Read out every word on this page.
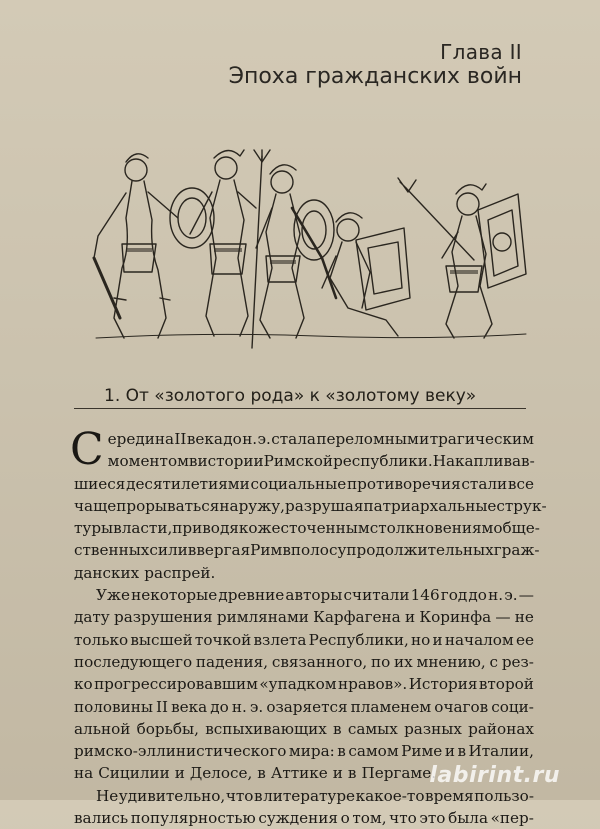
Глава II
Эпоха гражданских войн
1. От «золотого рода» к «золотому веку»
С ередина II века до н. э. стала переломным и трагическим
моментом в истории Римской республики. Накапливав-
шиеся десятилетиями социальные противоречия стали все
чаще прорываться наружу, разрушая патриархальные струк-
туры власти, приводя к ожесточенным столкновениям обще-
ственных сил и ввергая Рим в полосу продолжительных граж-
данских распрей.
Уже некоторые древние авторы считали 146 год до н. э. —
дату разрушения римлянами Карфагена и Коринфа — не
только высшей точкой взлета Республики, но и началом ее
последующего падения, связанного, по их мнению, с рез-
ко прогрессировавшим «упадком нравов». История второй
половины II века до н. э. озаряется пламенем очагов соци-
альной борьбы, вспыхивающих в самых разных районах
римско-эллинистического мира: в самом Риме и в Италии,
на Сицилии и Делосе, в Аттике и в Пергаме.
Не удивительно, что в литературе какое-то время пользо-
вались популярностью суждения о том, что это была «пер-
labirint.ru
